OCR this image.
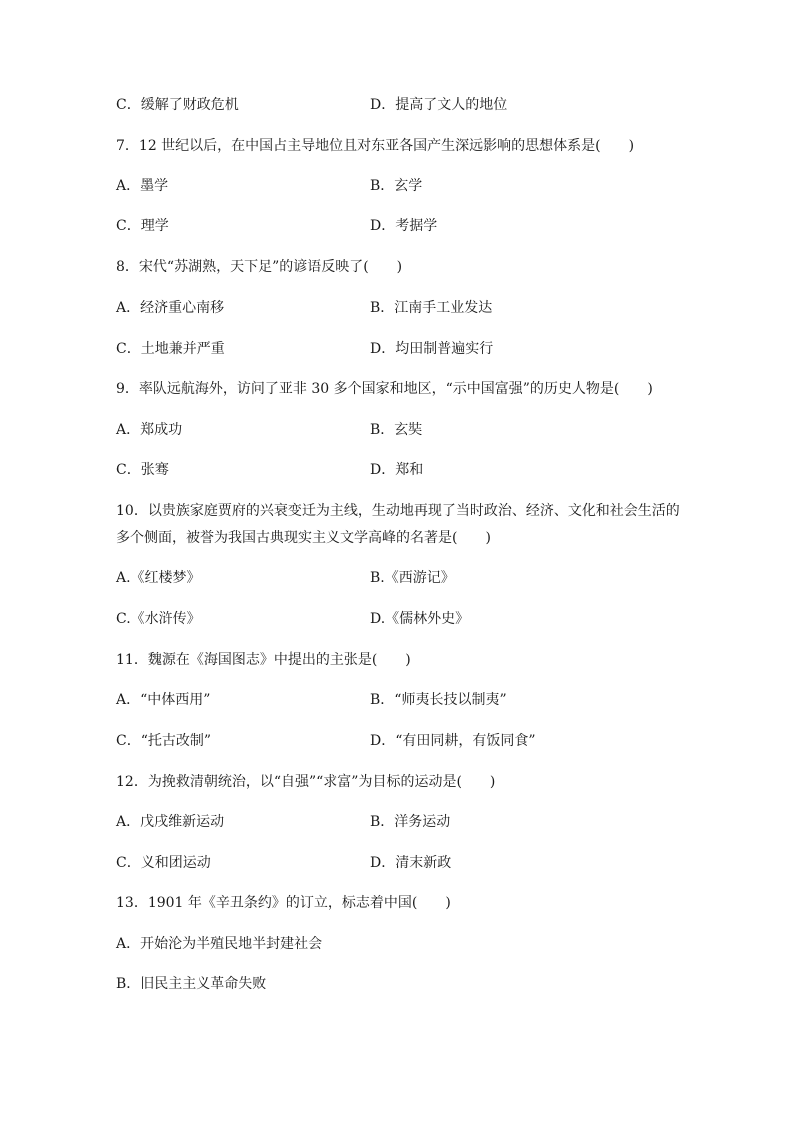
C．缓解了财政危机	D．提高了文人的地位
7．12 世纪以后，在中国占主导地位且对东亚各国产生深远影响的思想体系是(　　)
A．墨学	B．玄学
C．理学	D．考据学
8．宋代“苏湖熟，天下足”的谚语反映了(　　)
A．经济重心南移	B．江南手工业发达
C．土地兼并严重	D．均田制普遍实行
9．率队远航海外，访问了亚非 30 多个国家和地区，“示中国富强”的历史人物是(　　)
A．郑成功	B．玄奘
C．张骞	D．郑和
10．以贵族家庭贾府的兴衰变迁为主线，生动地再现了当时政治、经济、文化和社会生活的
多个侧面，被誉为我国古典现实主义文学高峰的名著是(　　)
A.《红楼梦》	B.《西游记》
C.《水浒传》	D.《儒林外史》
11．魏源在《海国图志》中提出的主张是(　　)
A．“中体西用”	B．“师夷长技以制夷”
C．“托古改制”	D．“有田同耕，有饭同食”
12．为挽救清朝统治，以“自强”“求富”为目标的运动是(　　)
A．戊戌维新运动	B．洋务运动
C．义和团运动	D．清末新政
13．1901 年《辛丑条约》的订立，标志着中国(　　)
A．开始沦为半殖民地半封建社会
B．旧民主主义革命失败
